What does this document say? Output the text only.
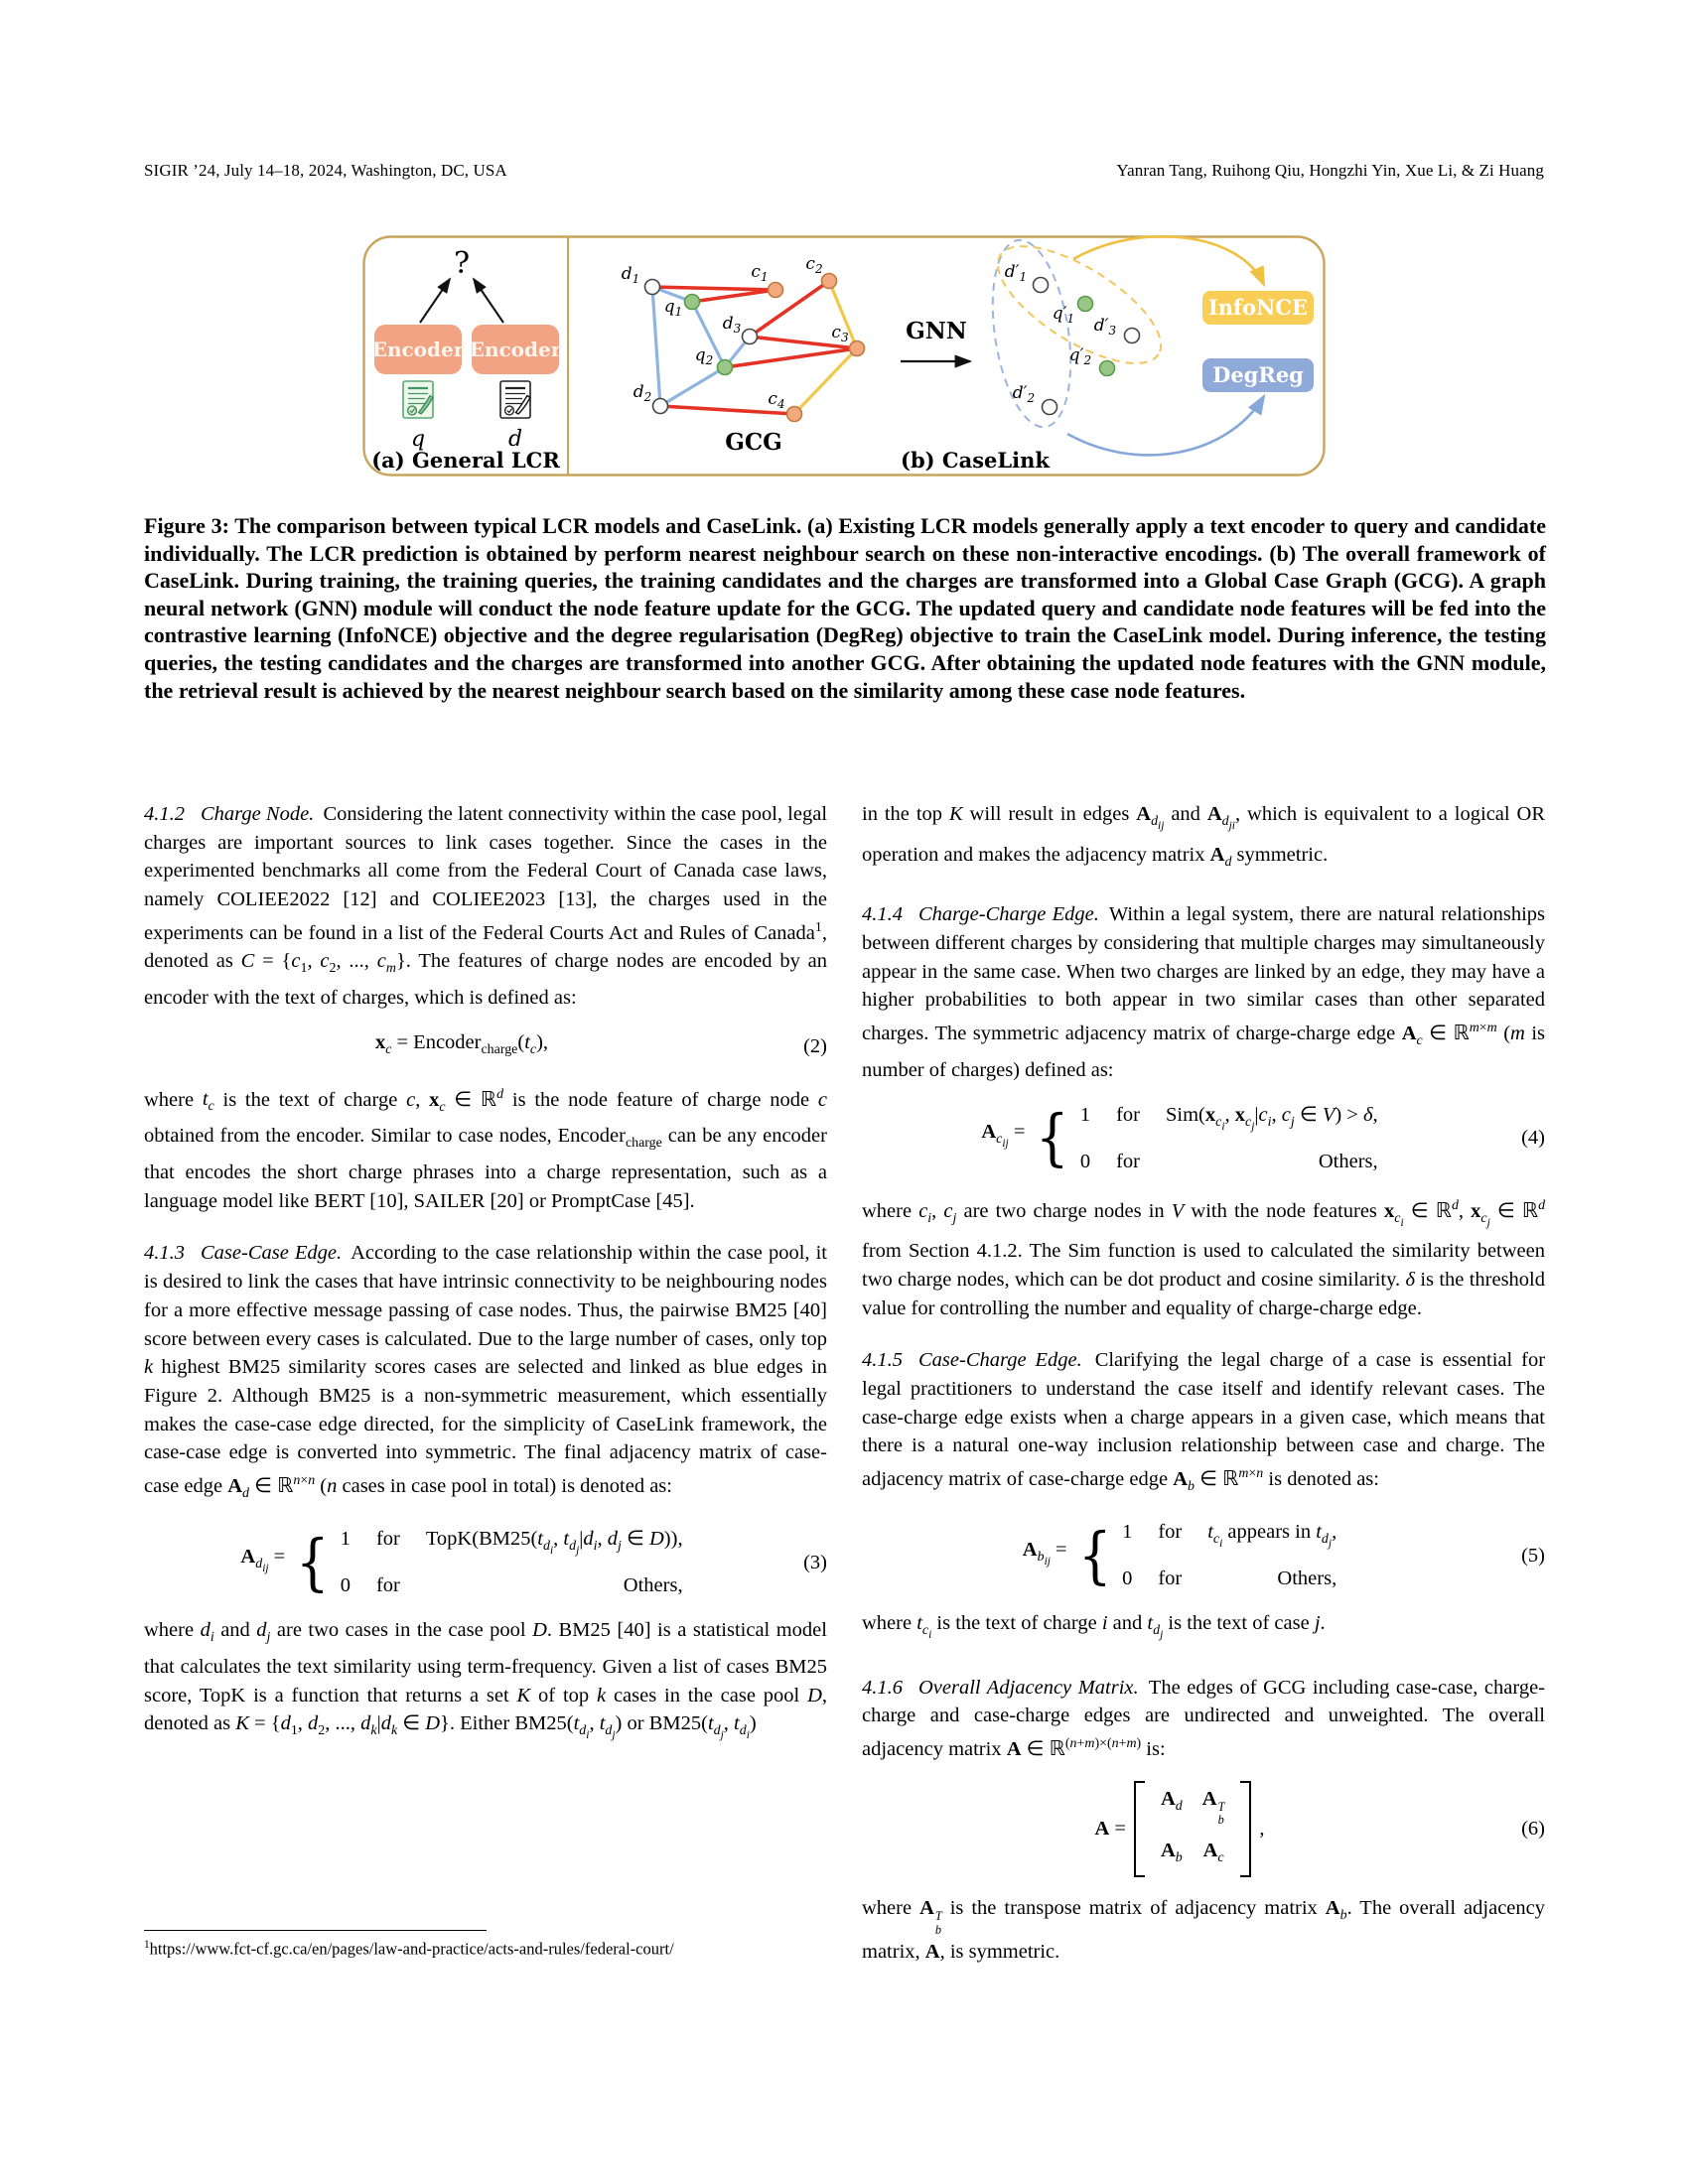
SIGIR ’24, July 14–18, 2024, Washington, DC, USA	Yanran Tang, Ruihong Qiu, Hongzhi Yin, Xue Li, & Zi Huang
?
Encoder Encoder
q	d
(a) General LCR
$d_1$
$q_1$
$c_1$
$c_2$
$d_3$
$q_2$
$c_3$
$d_2$	$c_4$
GCG
GNN
$d'_1$
$q'_1$ $d'_3$
$q'_2$
$d'_2$
InfoNCE
DegReg
(b) CaseLink
Figure 3: The comparison between typical LCR models and CaseLink. (a) Existing LCR models generally apply a text encoder to query and candidate individually. The LCR prediction is obtained by perform nearest neighbour search on these non-interactive encodings. (b) The overall framework of CaseLink. During training, the training queries, the training candidates and the charges are transformed into a Global Case Graph (GCG). A graph neural network (GNN) module will conduct the node feature update for the GCG. The updated query and candidate node features will be fed into the contrastive learning (InfoNCE) objective and the degree regularisation (DegReg) objective to train the CaseLink model. During inference, the testing queries, the testing candidates and the charges are transformed into another GCG. After obtaining the updated node features with the GNN module, the retrieval result is achieved by the nearest neighbour search based on the similarity among these case node features.

4.1.2 Charge Node. Considering the latent connectivity within the case pool, legal charges are important sources to link cases together. Since the cases in the experimented benchmarks all come from the Federal Court of Canada case laws, namely COLIEE2022 [12] and COLIEE2023 [13], the charges used in the experiments can be found in a list of the Federal Courts Act and Rules of Canada$^1$, denoted as $C = \{c_1$, $c_2$, ..., $c_m$}. The features of charge nodes are encoded by an encoder with the text of charges, which is defined as:

$x_c$ = $Encoder_{charge}(t_c)$,	(2)

where $t_c$ is the text of charge c, $x_c$ ∈ ℝ$^d$ is the node feature of charge node c obtained from the encoder. Similar to case nodes, Encoder$_{charge}$ can be any encoder that encodes the short charge phrases into a charge representation, such as a language model like BERT [10], SAILER [20] or PromptCase [45].

4.1.3 Case-Case Edge. According to the case relationship within the case pool, it is desired to link the cases that have intrinsic connectivity to be neighbouring nodes for a more effective message passing of case nodes. Thus, the pairwise BM25 [40] score between every cases is calculated. Due to the large number of cases, only top k highest BM25 similarity scores cases are selected and linked as blue edges in Figure 2. Although BM25 is a non-symmetric measurement, which essentially makes the case-case edge directed, for the simplicity of CaseLink framework, the case-case edge is converted into symmetric. The final adjacency matrix of case-case edge $A_d$ ∈ ℝ$^{n\times n}$ (n cases in case pool in total) is denoted as:

$A_{d_{ij}}$ = { 1 for $TopK(BM25(t_{d_i}$, $t_{d_j}|d_i$, $d_j$ ∈ D)),
0 for	Others,
(3)

where $d_i$ and $d_j$ are two cases in the case pool D. BM25 [40] is a statistical model that calculates the text similarity using term-frequency. Given a list of cases BM25 score, TopK is a function that returns a set K of top k cases in the case pool D, denoted as $K = \{d_1$, $d_2$, ..., $d_k|d_k$ ∈ D}. Either $BM25(t_{d_i}$, $t_{d_j}$) or $BM25(t_{d_j}$, $t_{d_i}$)

in the top K will result in edges $A_{d_{ij}}$ and $A_{d_{ji}}$, which is equivalent to a logical OR operation and makes the adjacency matrix $A_d$ symmetric.

4.1.4 Charge-Charge Edge. Within a legal system, there are natural relationships between different charges by considering that multiple charges may simultaneously appear in the same case. When two charges are linked by an edge, they may have a higher probabilities to both appear in two similar cases than other separated charges. The symmetric adjacency matrix of charge-charge edge $A_c$ ∈ ℝ$^{m\times m}$ (m is number of charges) defined as:

$A_{c_{ij}}$ = { 1 for $Sim(x_{c_i}$, $x_{c_j}|c_i$, $c_j$ ∈ V) > δ,
0 for	Others,
(4)

where $c_i$, $c_j$ are two charge nodes in V with the node features $x_{c_i}$ ∈ ℝ$^d$, $x_{c_j}$ ∈ ℝ$^d$ from Section 4.1.2. The Sim function is used to calculated the similarity between two charge nodes, which can be dot product and cosine similarity. δ is the threshold value for controlling the number and equality of charge-charge edge.

4.1.5 Case-Charge Edge. Clarifying the legal charge of a case is essential for legal practitioners to understand the case itself and identify relevant cases. The case-charge edge exists when a charge appears in a given case, which means that there is a natural one-way inclusion relationship between case and charge. The adjacency matrix of case-charge edge $A_b$ ∈ ℝ$^{m\times n}$ is denoted as:

$A_{b_{ij}}$ = { 1 for $t_{c_i}$ appears in $t_{d_j}$,
0 for	Others,
(5)

where $t_{c_i}$ is the text of charge i and $t_{d_j}$ is the text of case j.

4.1.6 Overall Adjacency Matrix. The edges of GCG including case-case, charge-charge and case-charge edges are undirected and unweighted. The overall adjacency matrix A ∈ ℝ$^{(n+m)\times(n+m)}$ is:

A =
$A_d$ A T
b
$A_b$ $A_c$
,	(6)

where A T
b
is the transpose matrix of adjacency matrix $A_b$. The overall adjacency matrix, A, is symmetric.

$^1$https://www.fct-cf.gc.ca/en/pages/law-and-practice/acts-and-rules/federal-court/
